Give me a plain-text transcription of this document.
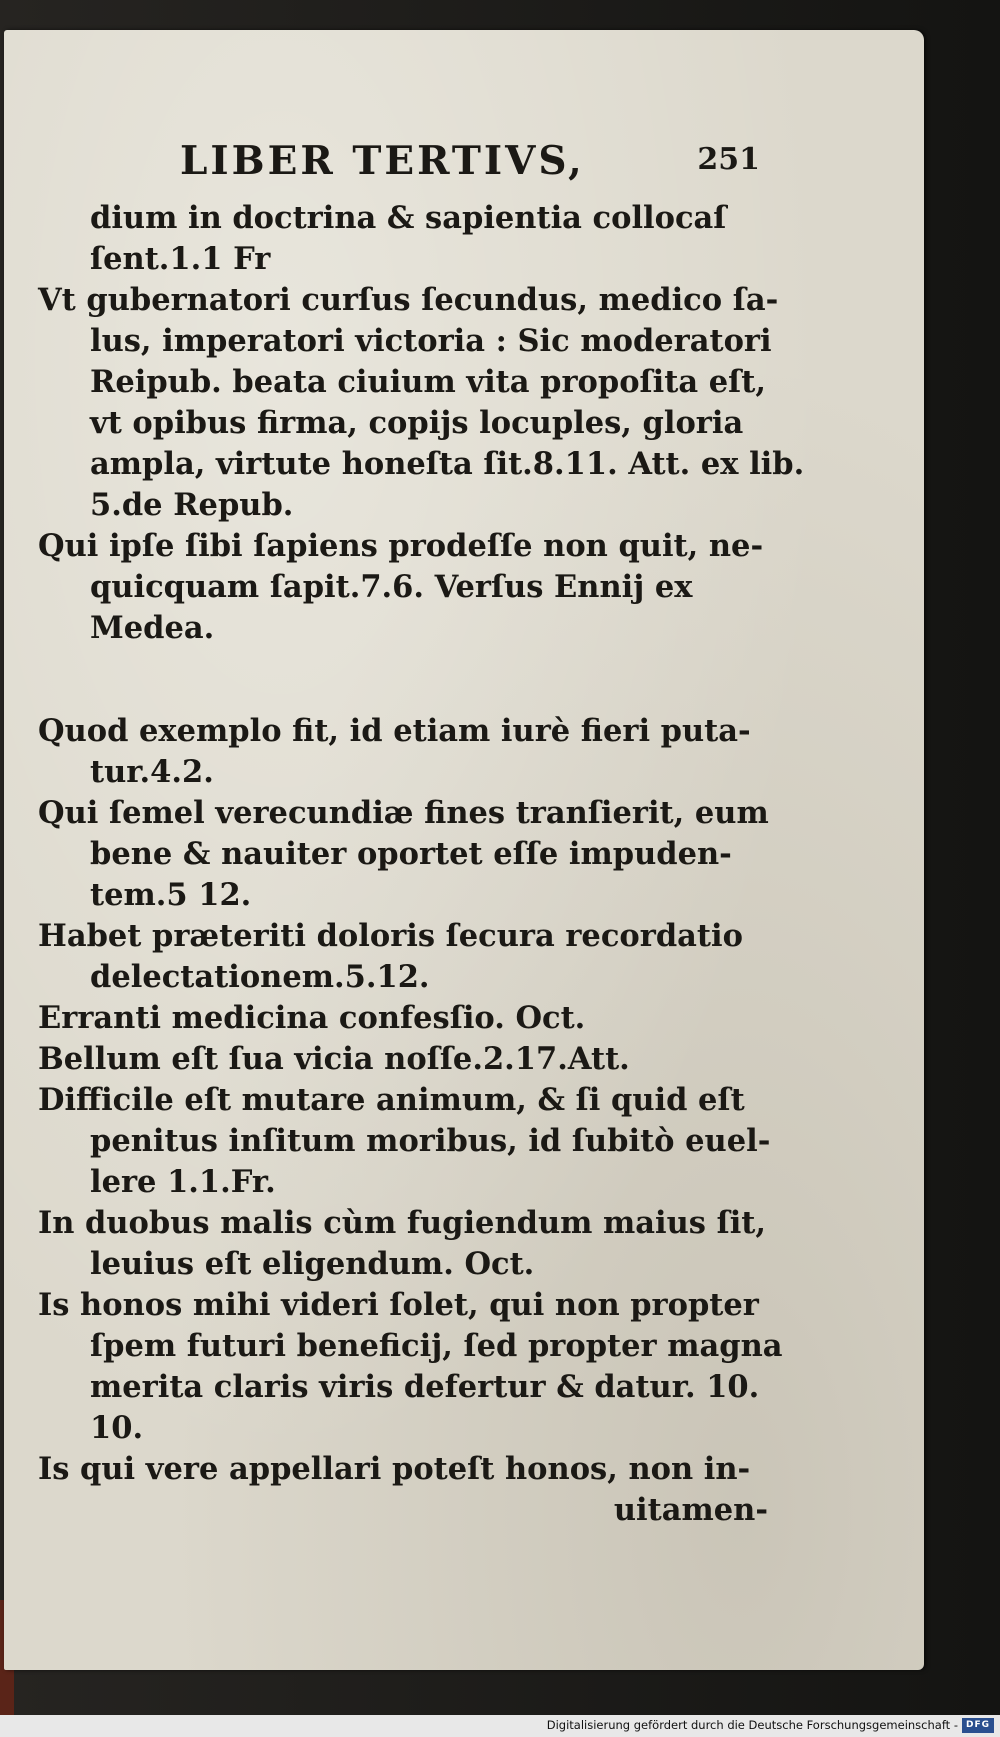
LIBER TERTIVS,	251
dium in doctrina & sapientia collocaſ
ſent.1.1 Fr
Vt gubernatori curſus ſecundus, medico ſa-
lus, imperatori victoria : Sic moderatori
Reipub. beata ciuium vita propoſita eſt,
vt opibus firma, copijs locuples, gloria
ampla, virtute honeſta ſit.8.11. Att. ex lib.
5.de Repub.
Qui ipſe ſibi ſapiens prodeſſe non quit, ne-
quicquam ſapit.7.6. Verſus Ennij ex
Medea.
Quod exemplo fit, id etiam iurè fieri puta-
tur.4.2.
Qui ſemel verecundiæ fines tranſierit, eum
bene & nauiter oportet eſſe impuden-
tem.5 12.
Habet præteriti doloris ſecura recordatio
delectationem.5.12.
Erranti medicina confesſio. Oct.
Bellum eſt ſua vicia noſſe.2.17.Att.
Difficile eſt mutare animum, & ſi quid eſt
penitus inſitum moribus, id ſubitò euel-
lere 1.1.Fr.
In duobus malis cùm fugiendum maius ſit,
leuius eſt eligendum. Oct.
Is honos mihi videri ſolet, qui non propter
ſpem futuri beneficij, ſed propter magna
merita claris viris defertur & datur. 10.
10.
Is qui vere appellari poteſt honos, non in-
uitamen-
Digitalisierung gefördert durch die Deutsche Forschungsgemeinschaft - DFG
